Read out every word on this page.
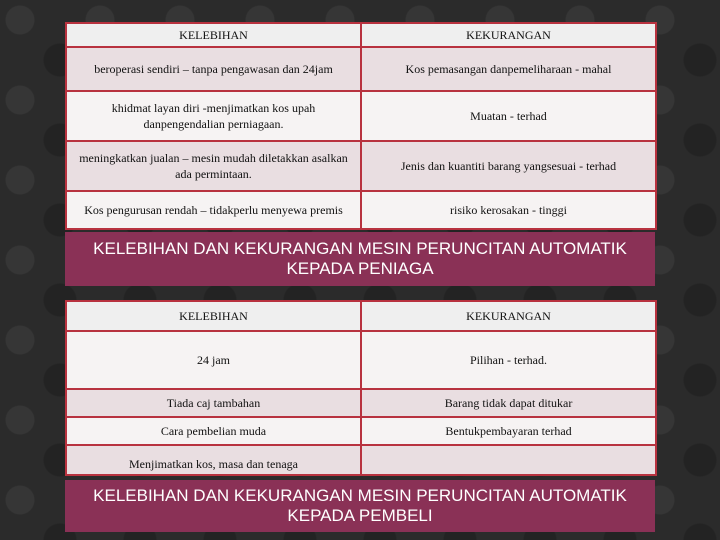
KELEBIHAN	KEKURANGAN
beroperasi sendiri – tanpa pengawasan dan 24jam	Kos pemasangan danpemeliharaan - mahal
khidmat layan diri -menjimatkan kos upah danpengendalian perniagaan.	Muatan - terhad
meningkatkan jualan – mesin mudah diletakkan asalkan ada permintaan.	Jenis dan kuantiti barang yangsesuai - terhad
Kos pengurusan rendah – tidakperlu menyewa premis	risiko kerosakan - tinggi
KELEBIHAN DAN KEKURANGAN MESIN PERUNCITAN AUTOMATIK
KEPADA PENIAGA
KELEBIHAN	KEKURANGAN
24 jam	Pilihan - terhad.
Tiada caj tambahan	Barang tidak dapat ditukar
Cara pembelian muda	Bentukpembayaran terhad
Menjimatkan kos, masa dan tenaga	
KELEBIHAN DAN KEKURANGAN MESIN PERUNCITAN AUTOMATIK
KEPADA PEMBELI
